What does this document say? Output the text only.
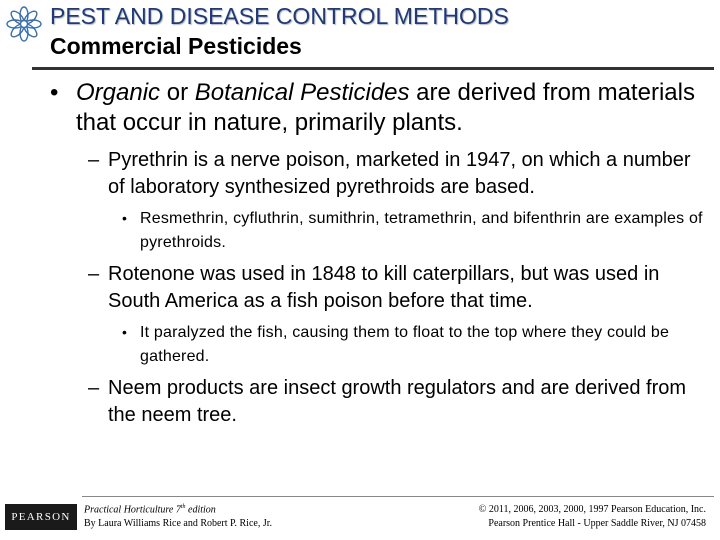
PEST AND DISEASE CONTROL METHODS
Commercial Pesticides
• Organic or Botanical Pesticides are derived from materials that occur in nature, primarily plants.
– Pyrethrin is a nerve poison, marketed in 1947, on which a number of laboratory synthesized pyrethroids are based.
• Resmethrin, cyfluthrin, sumithrin, tetramethrin, and bifenthrin are examples of pyrethroids.
– Rotenone was used in 1848 to kill caterpillars, but was used in South America as a fish poison before that time.
• It paralyzed the fish, causing them to float to the top where they could be gathered.
– Neem products are insect growth regulators and are derived from the neem tree.
PEARSON
Practical Horticulture 7th edition
By Laura Williams Rice and Robert P. Rice, Jr.
© 2011, 2006, 2003, 2000, 1997 Pearson Education, Inc.
Pearson Prentice Hall - Upper Saddle River, NJ 07458
